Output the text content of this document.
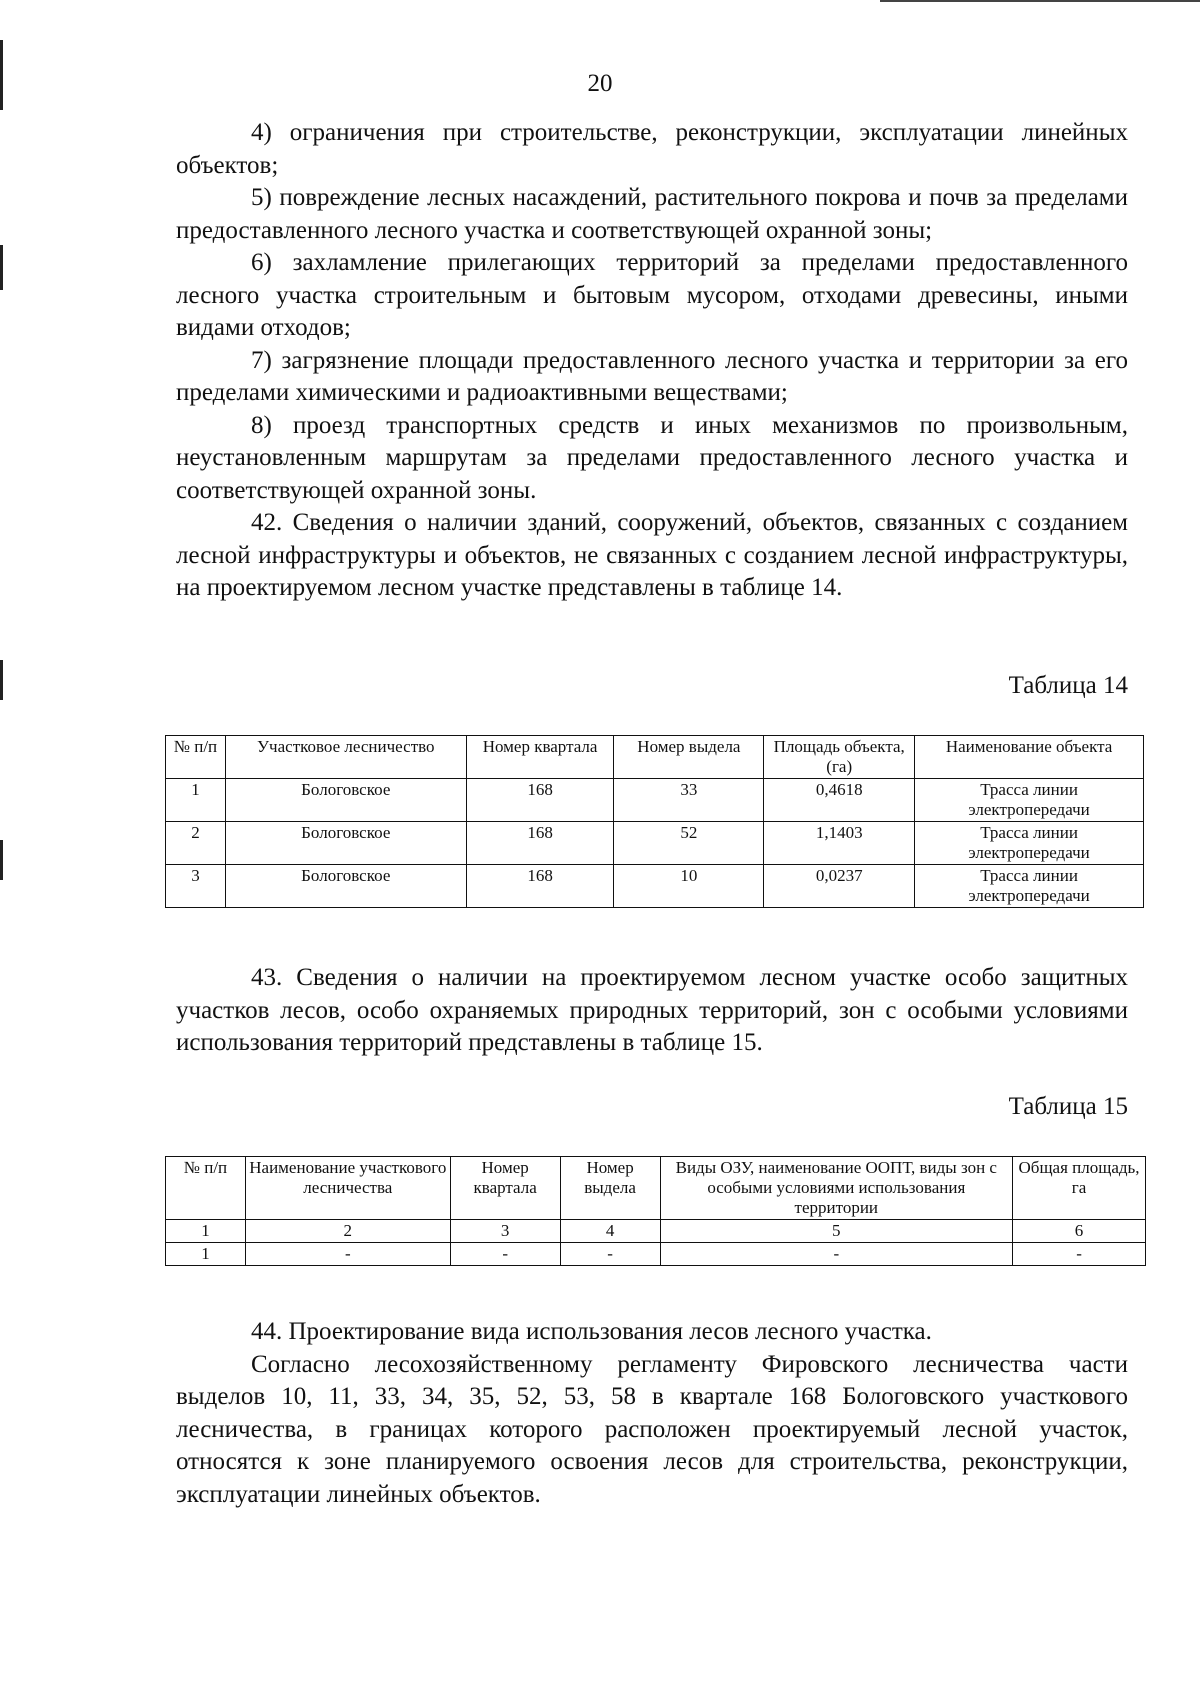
20

4) ограничения при строительстве, реконструкции, эксплуатации линейных объектов;

5) повреждение лесных насаждений, растительного покрова и почв за пределами предоставленного лесного участка и соответствующей охранной зоны;

6) захламление прилегающих территорий за пределами предоставленного лесного участка строительным и бытовым мусором, отходами древесины, иными видами отходов;

7) загрязнение площади предоставленного лесного участка и территории за его пределами химическими и радиоактивными веществами;

8) проезд транспортных средств и иных механизмов по произвольным, неустановленным маршрутам за пределами предоставленного лесного участка и соответствующей охранной зоны.

42. Сведения о наличии зданий, сооружений, объектов, связанных с созданием лесной инфраструктуры и объектов, не связанных с созданием лесной инфраструктуры, на проектируемом лесном участке представлены в таблице 14.

Таблица 14
№ п/п	Участковое лесничество	Номер квартала	Номер выдела	Площадь объекта, (га)	Наименование объекта
1	Бологовское	168	33	0,4618	Трасса линии электропередачи
2	Бологовское	168	52	1,1403	Трасса линии электропередачи
3	Бологовское	168	10	0,0237	Трасса линии электропередачи

43. Сведения о наличии на проектируемом лесном участке особо защитных участков лесов, особо охраняемых природных территорий, зон с особыми условиями использования территорий представлены в таблице 15.

Таблица 15
№ п/п	Наименование участкового лесничества	Номер квартала	Номер выдела	Виды ОЗУ, наименование ООПТ, виды зон с особыми условиями использования территории	Общая площадь, га
1	2	3	4	5	6
1	-	-	-	-	-

44. Проектирование вида использования лесов лесного участка.

Согласно лесохозяйственному регламенту Фировского лесничества части выделов 10, 11, 33, 34, 35, 52, 53, 58 в квартале 168 Бологовского участкового лесничества, в границах которого расположен проектируемый лесной участок, относятся к зоне планируемого освоения лесов для строительства, реконструкции, эксплуатации линейных объектов.
